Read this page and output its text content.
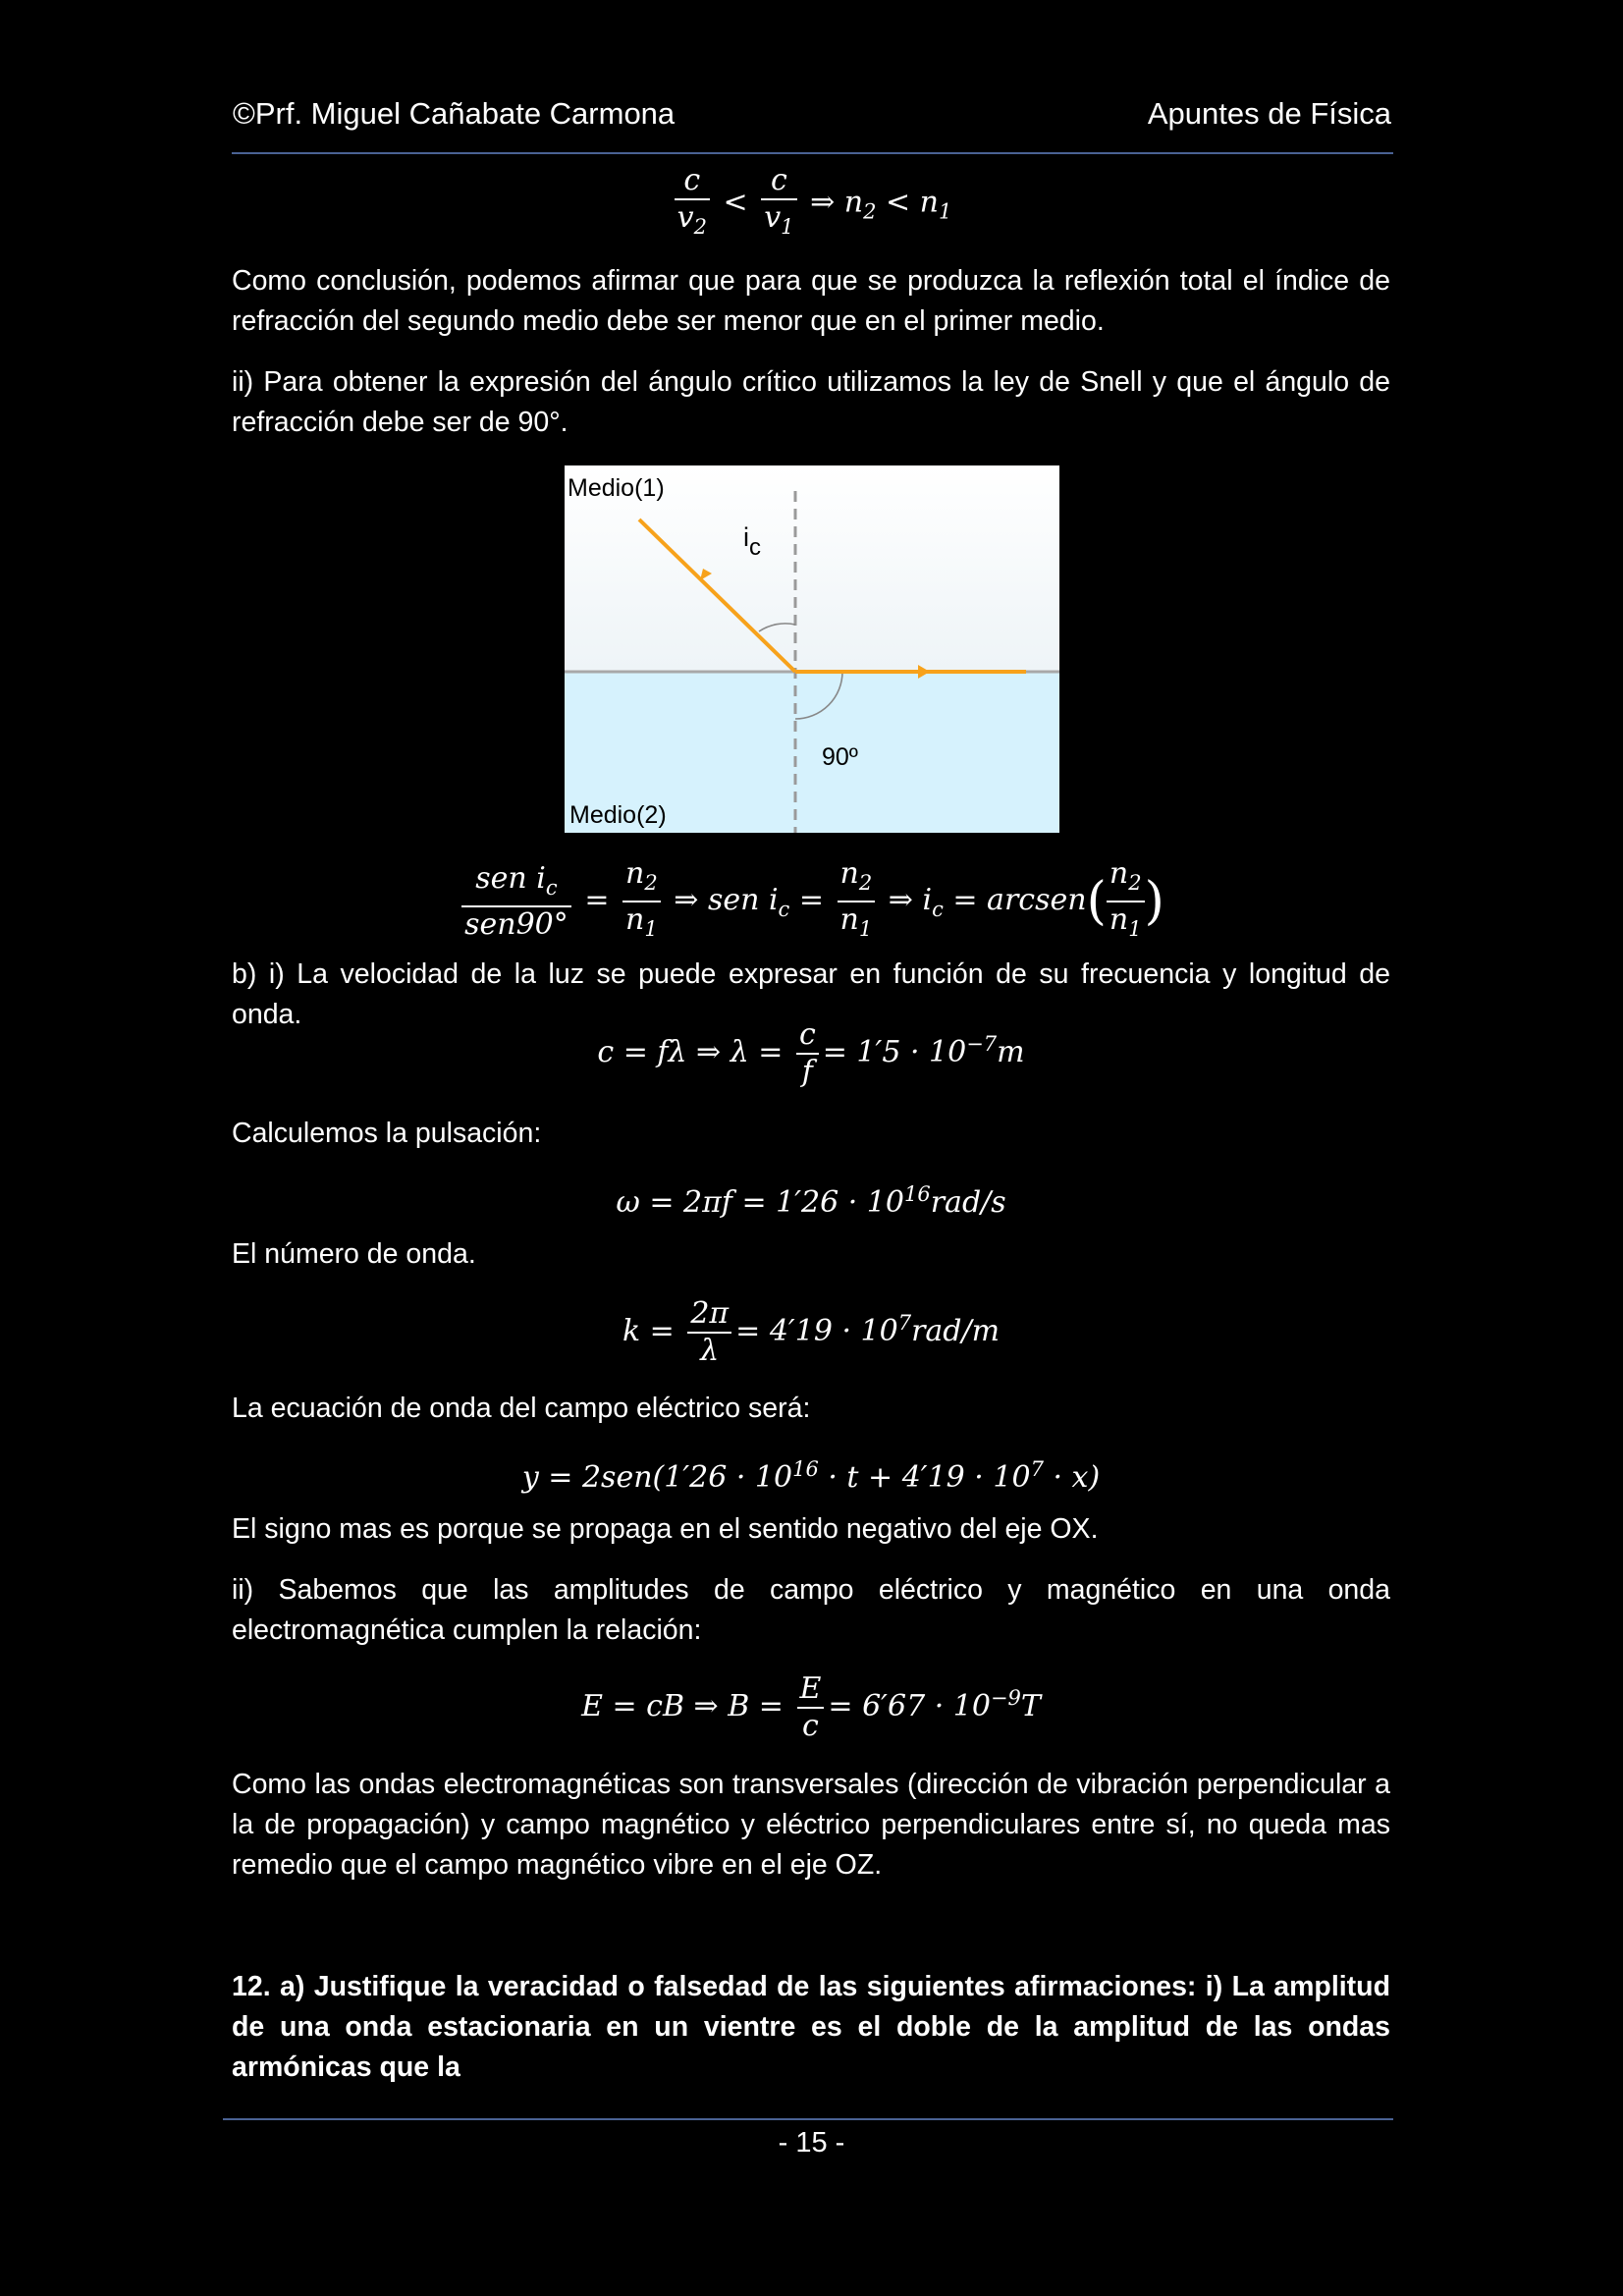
©Prf. Miguel Cañabate Carmona	Apuntes de Física
$\frac{c}{v_2} < \frac{c}{v_1}$ ⇒ $n_2 < n_1$
Como conclusión, podemos afirmar que para que se produzca la reflexión total el índice de refracción del segundo medio debe ser menor que en el primer medio.
ii) Para obtener la expresión del ángulo crítico utilizamos la ley de Snell y que el ángulo de refracción debe ser de 90°.
Medio(1)
Medio(2)
ic
90º
$\frac{sen i_c}{\text{sen90°}} = \frac{n_2}{n_1}$ ⇒ sen $i_c = \frac{n_2}{n_1}$ ⇒ $i_c$ = arcsen( $\frac{n_2}{n_1}$ )
b) i) La velocidad de la luz se puede expresar en función de su frecuencia y longitud de onda.
c = fλ ⇒ $\lambda = \frac{c}{f} = 1'5 \cdot 10^{-7}m$
Calculemos la pulsación:
$\omega = 2\pi f = 1'26 \cdot 10^{16}rad/s$
El número de onda.
$k = \frac{2\pi}{\lambda} = 4'19 \cdot 10^7rad/m$
La ecuación de onda del campo eléctrico será:
$y = 2sen(1'26 \cdot 10^{16} \cdot t + 4'19 \cdot 10^7 \cdot x)$
El signo mas es porque se propaga en el sentido negativo del eje OX.
ii) Sabemos que las amplitudes de campo eléctrico y magnético en una onda electromagnética cumplen la relación:
E = cB ⇒ $B = \frac{E}{c} = 6'67 \cdot 10^{-9}T$
Como las ondas electromagnéticas son transversales (dirección de vibración perpendicular a la de propagación) y campo magnético y eléctrico perpendiculares entre sí, no queda mas remedio que el campo magnético vibre en el eje OZ.
12. a) Justifique la veracidad o falsedad de las siguientes afirmaciones: i) La amplitud de una onda estacionaria en un vientre es el doble de la amplitud de las ondas armónicas que la
- 15 -
